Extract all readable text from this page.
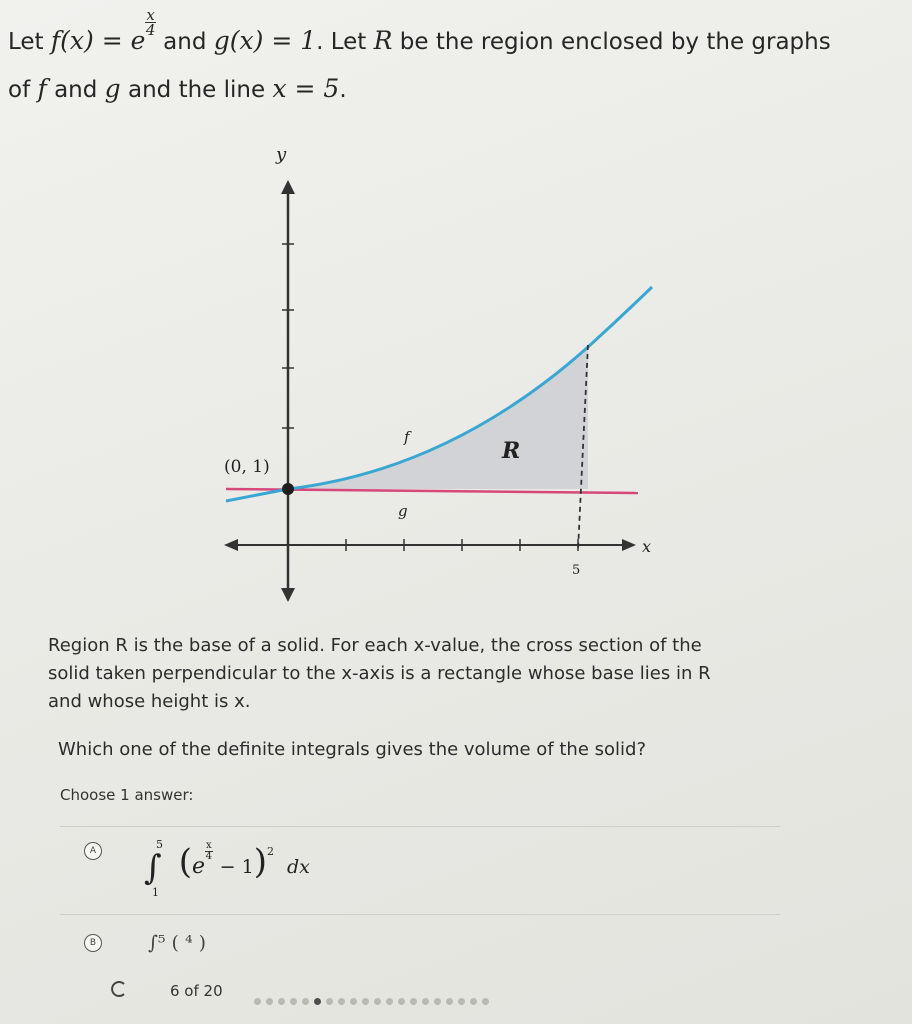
Let f(x) = e
$\frac{x}{4}$ and g(x) = 1. Let R be the region enclosed by the graphs
of f and g and the line x = 5.
y
x
(0, 1)
f
g
R
5
Region R is the base of a solid. For each x-value, the cross section of the
solid taken perpendicular to the x-axis is a rectangle whose base lies in R
and whose height is x.
Which one of the definite integrals gives the volume of the solid?
Choose 1 answer:
A ∫
5
1
(e
$\frac{x}{4} - 1)^2$ dx
B	∫⁵ ( ⁴ )
6 of 20
